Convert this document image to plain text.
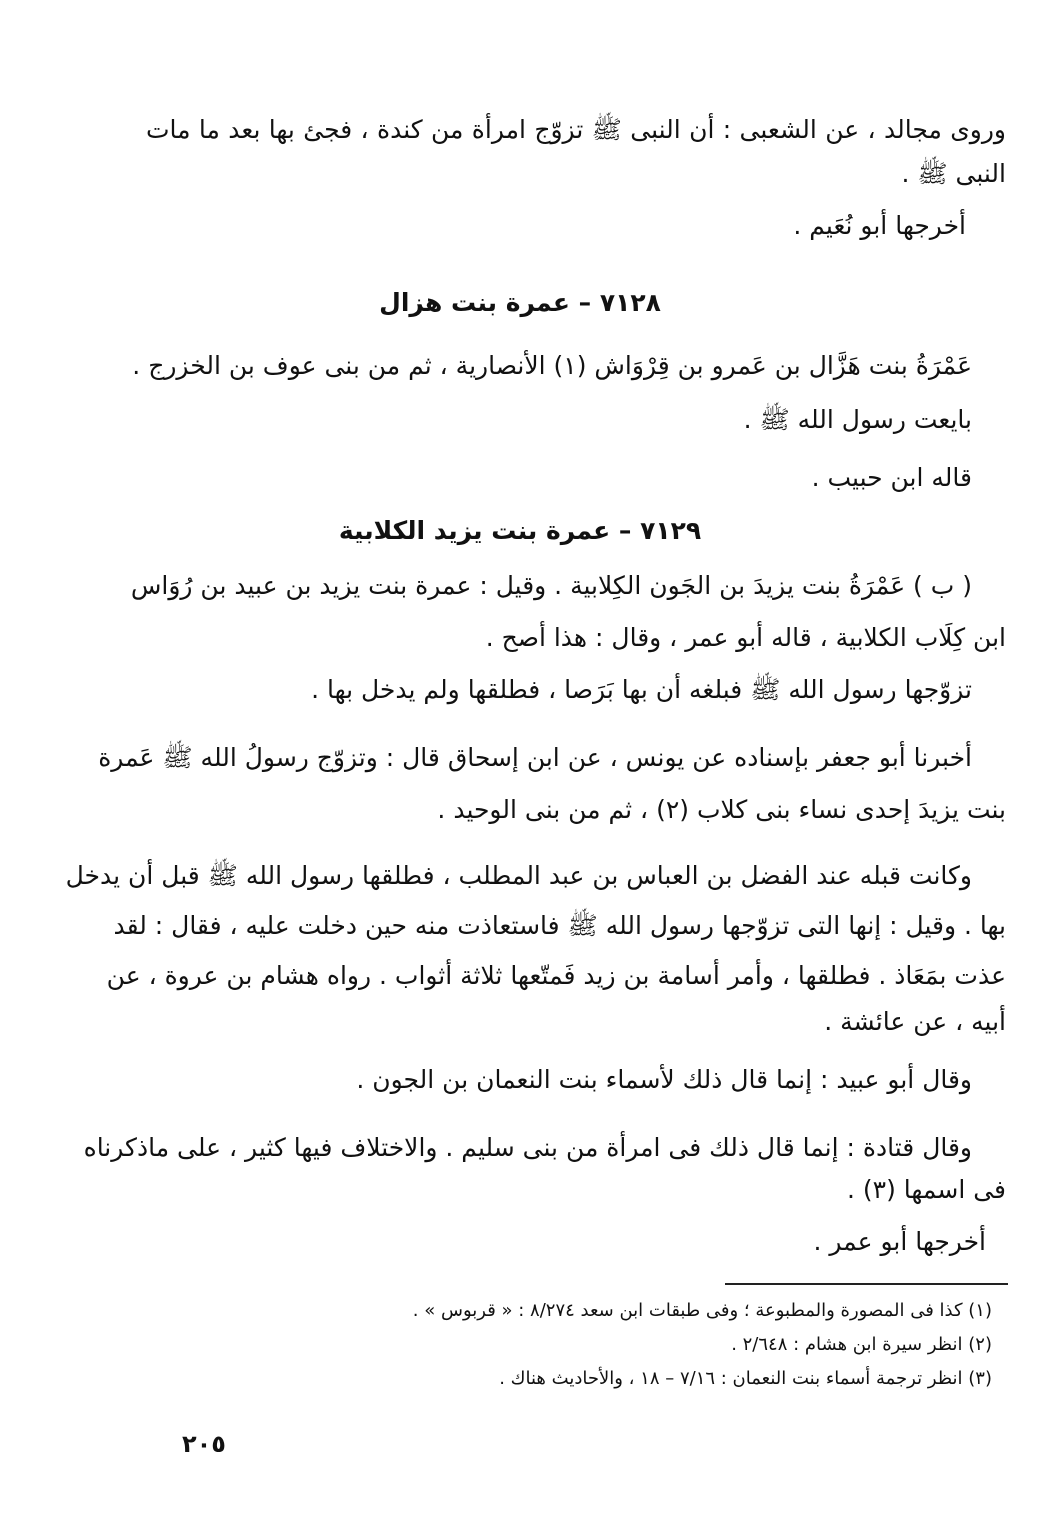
وروى مجالد ، عن الشعبى : أن النبى ﷺ تزوّج امرأة من كندة ، فجئ بها بعد ما مات
النبى ﷺ .
أخرجها أبو نُعَيم .
٧١٢٨ – عمرة بنت هزال
عَمْرَةُ بنت هَزَّال بن عَمرو بن قِرْوَاش (١) الأنصارية ، ثم من بنى عوف بن الخزرج .
بايعت رسول الله ﷺ .
قاله ابن حبيب .
٧١٢٩ – عمرة بنت يزيد الكلابية
( ب ) عَمْرَةُ بنت يزيدَ بن الجَون الكِلابية . وقيل : عمرة بنت يزيد بن عبيد بن رُوَاس
ابن كِلَاب الكلابية ، قاله أبو عمر ، وقال : هذا أصح .
تزوّجها رسول الله ﷺ فبلغه أن بها بَرَصا ، فطلقها ولم يدخل بها .
أخبرنا أبو جعفر بإسناده عن يونس ، عن ابن إسحاق قال : وتزوّج رسولُ الله ﷺ عَمرة
بنت يزيدَ إحدى نساء بنى كلاب (٢) ، ثم من بنى الوحيد .
وكانت قبله عند الفضل بن العباس بن عبد المطلب ، فطلقها رسول الله ﷺ قبل أن يدخل
بها . وقيل : إنها التى تزوّجها رسول الله ﷺ فاستعاذت منه حين دخلت عليه ، فقال : لقد
عذت بمَعَاذ . فطلقها ، وأمر أسامة بن زيد فَمتّعها ثلاثة أثواب . رواه هشام بن عروة ، عن
أبيه ، عن عائشة .
وقال أبو عبيد : إنما قال ذلك لأسماء بنت النعمان بن الجون .
وقال قتادة : إنما قال ذلك فى امرأة من بنى سليم . والاختلاف فيها كثير ، على ماذكرناه
فى اسمها (٣) .
أخرجها أبو عمر .
(١) كذا فى المصورة والمطبوعة ؛ وفى طبقات ابن سعد ٨/٢٧٤ : « قربوس » .
(٢) انظر سيرة ابن هشام : ٢/٦٤٨ .
(٣) انظر ترجمة أسماء بنت النعمان : ٧/١٦ – ١٨ ، والأحاديث هناك .
٢٠٥
